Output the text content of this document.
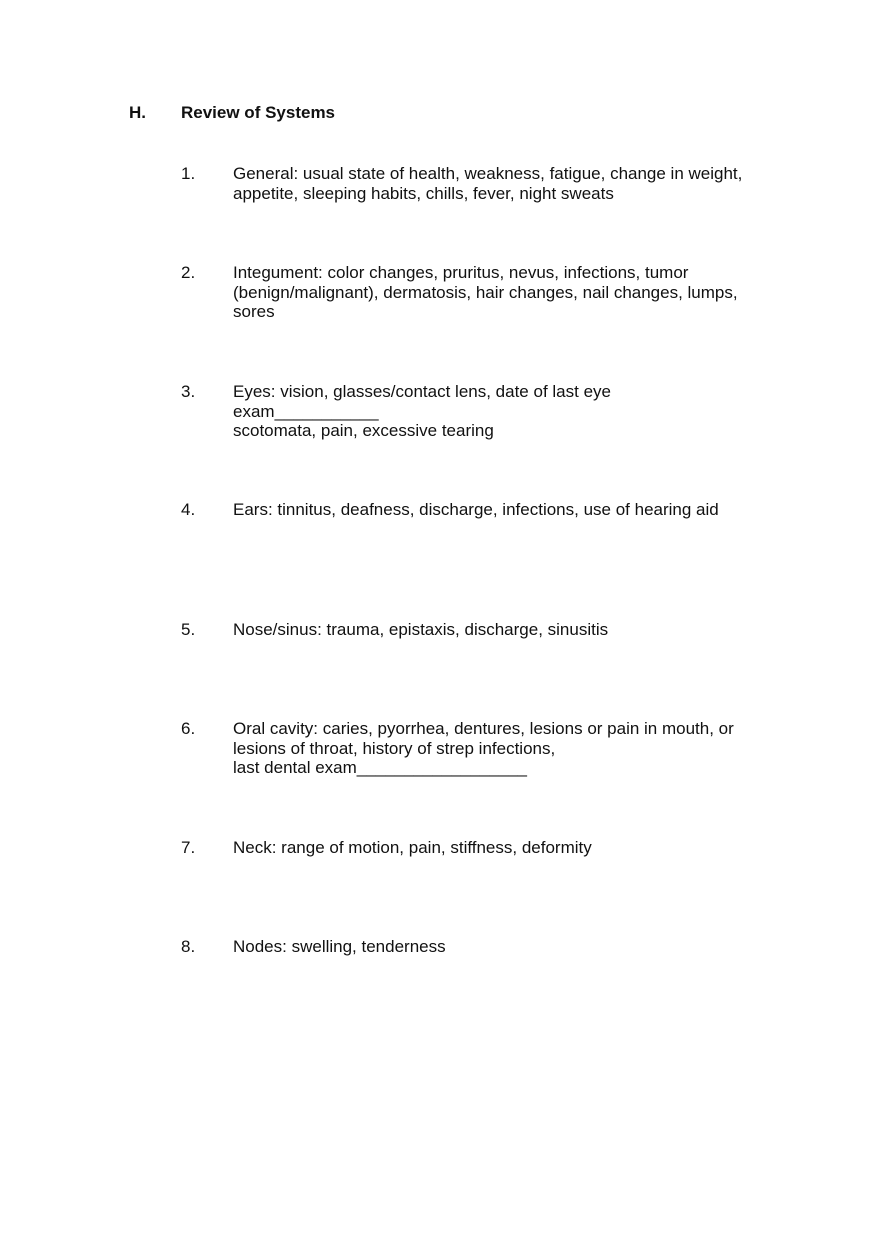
H. Review of Systems
1. General: usual state of health, weakness, fatigue, change in weight,
appetite, sleeping habits, chills, fever, night sweats
2. Integument: color changes, pruritus, nevus, infections, tumor
(benign/malignant), dermatosis, hair changes, nail changes, lumps,
sores
3. Eyes: vision, glasses/contact lens, date of last eye
exam___________
scotomata, pain, excessive tearing
4. Ears: tinnitus, deafness, discharge, infections, use of hearing aid
5. Nose/sinus: trauma, epistaxis, discharge, sinusitis
6. Oral cavity: caries, pyorrhea, dentures, lesions or pain in mouth, or
lesions of throat, history of strep infections,
last dental exam__________________
7. Neck: range of motion, pain, stiffness, deformity
8. Nodes: swelling, tenderness
